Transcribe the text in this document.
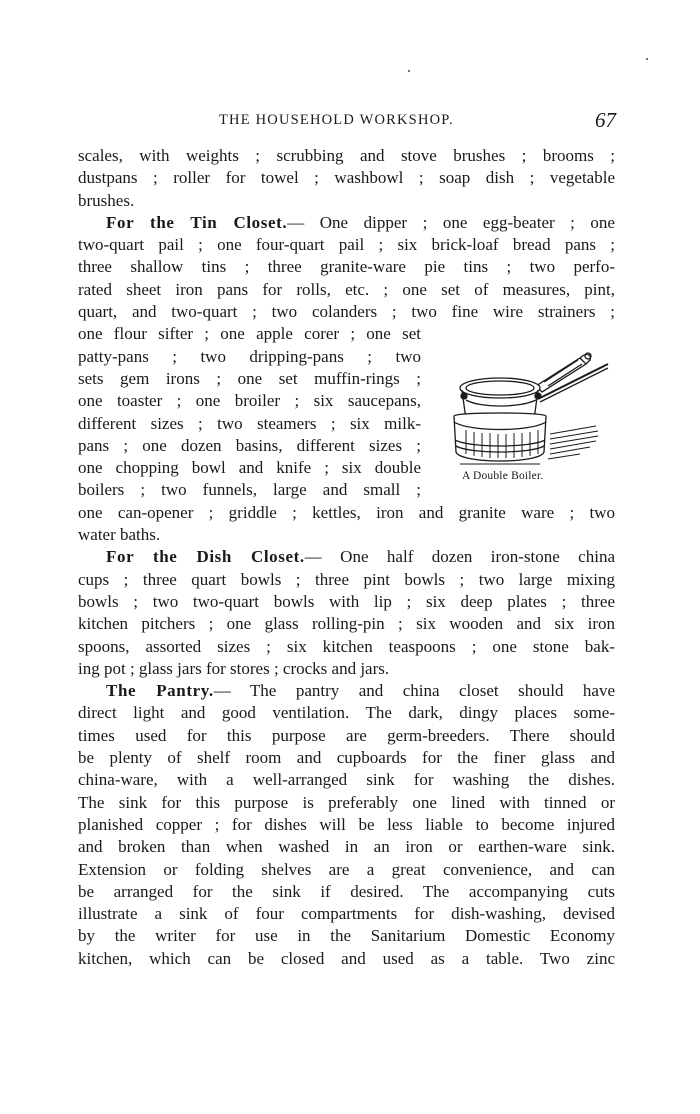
THE HOUSEHOLD WORKSHOP.	67
scales, with weights ; scrubbing and stove brushes ; brooms ;
dustpans ; roller for towel ; washbowl ; soap dish ; vegetable
brushes.
For the Tin Closet.— One dipper ; one egg-beater ; one
two-quart pail ; one four-quart pail ; six brick-loaf bread pans ;
three shallow tins ; three granite-ware pie tins ; two perfo-
rated sheet iron pans for rolls, etc. ; one set of measures, pint,
quart, and two-quart ; two colanders ; two fine wire strainers ;
one flour sifter ; one apple corer ; one set
patty-pans ; two dripping-pans ; two
sets gem irons ; one set muffin-rings ;
one toaster ; one broiler ; six saucepans,
different sizes ; two steamers ; six milk-
pans ; one dozen basins, different sizes ;
one chopping bowl and knife ; six double
boilers ; two funnels, large and small ;
one can-opener ; griddle ; kettles, iron and granite ware ; two
water baths.
For the Dish Closet.— One half dozen iron-stone china
cups ; three quart bowls ; three pint bowls ; two large mixing
bowls ; two two-quart bowls with lip ; six deep plates ; three
kitchen pitchers ; one glass rolling-pin ; six wooden and six iron
spoons, assorted sizes ; six kitchen teaspoons ; one stone bak-
ing pot ; glass jars for stores ; crocks and jars.
The Pantry.— The pantry and china closet should have
direct light and good ventilation. The dark, dingy places some-
times used for this purpose are germ-breeders. There should
be plenty of shelf room and cupboards for the finer glass and
china-ware, with a well-arranged sink for washing the dishes.
The sink for this purpose is preferably one lined with tinned or
planished copper ; for dishes will be less liable to become injured
and broken than when washed in an iron or earthen-ware sink.
Extension or folding shelves are a great convenience, and can
be arranged for the sink if desired. The accompanying cuts
illustrate a sink of four compartments for dish-washing, devised
by the writer for use in the Sanitarium Domestic Economy
kitchen, which can be closed and used as a table. Two zinc
A Double Boiler.
